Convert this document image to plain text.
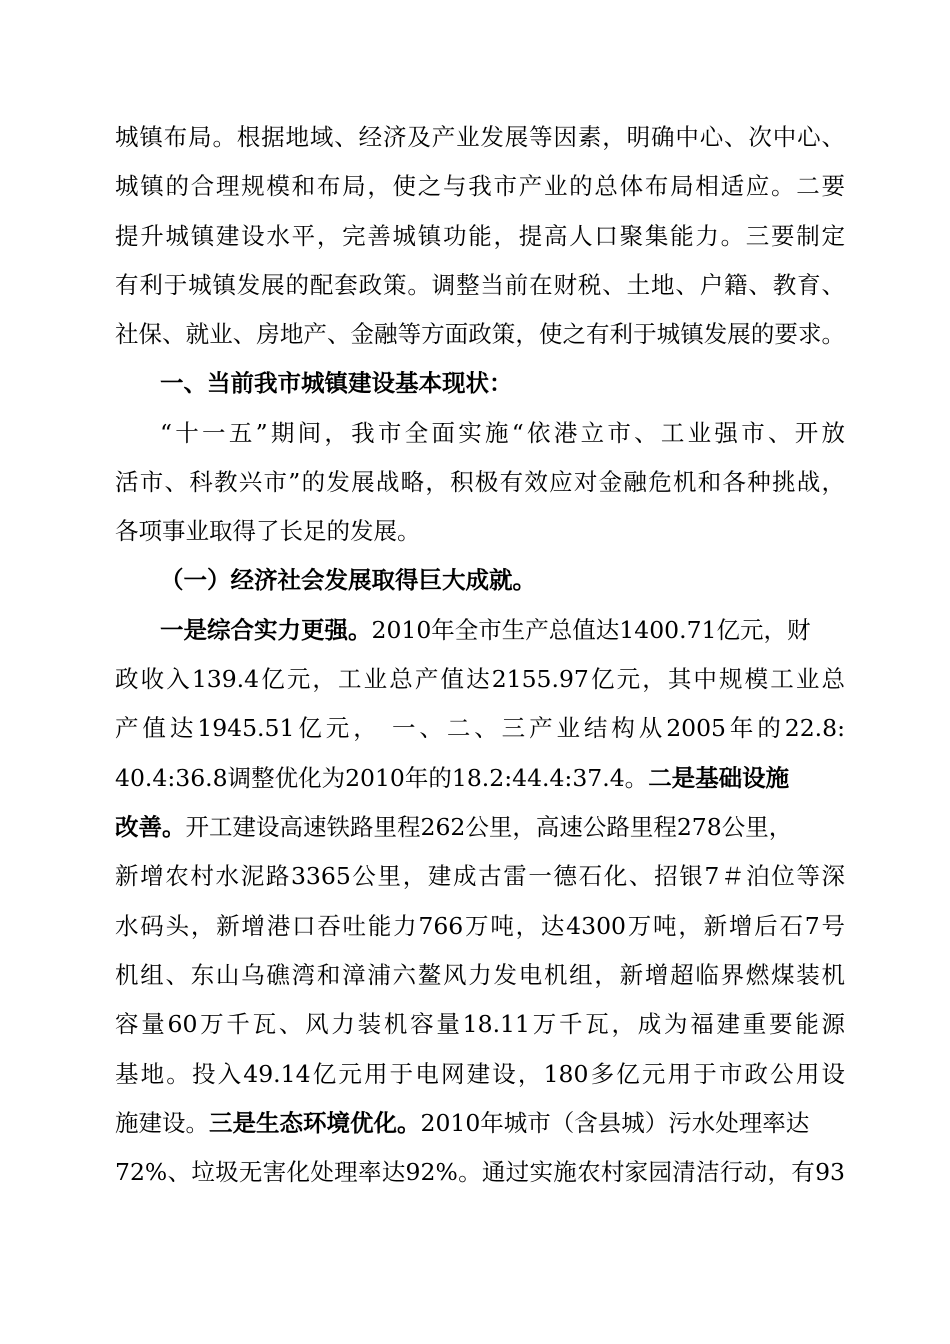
城镇布局。根据地域、经济及产业发展等因素，明确中心、次中心、
城镇的合理规模和布局，使之与我市产业的总体布局相适应。二要
提升城镇建设水平，完善城镇功能，提高人口聚集能力。三要制定
有利于城镇发展的配套政策。调整当前在财税、土地、户籍、教育、
社保、就业、房地产、金融等方面政策，使之有利于城镇发展的要求。
一、当前我市城镇建设基本现状：
“十一五”期间，我市全面实施“依港立市、工业强市、开放
活市、科教兴市”的发展战略，积极有效应对金融危机和各种挑战，
各项事业取得了长足的发展。
（一）经济社会发展取得巨大成就。
一是综合实力更强。2010年全市生产总值达1400.71亿元，财
政收入139.4亿元，工业总产值达2155.97亿元，其中规模工业总
产值达1945.51亿元， 一、二、三产业结构从2005年的22.8:
40.4:36.8调整优化为2010年的18.2:44.4:37.4。二是基础设施
改善。开工建设高速铁路里程262公里，高速公路里程278公里，
新增农村水泥路3365公里，建成古雷一德石化、招银7＃泊位等深
水码头，新增港口吞吐能力766万吨，达4300万吨，新增后石7号
机组、东山乌礁湾和漳浦六鳌风力发电机组，新增超临界燃煤装机
容量60万千瓦、风力装机容量18.11万千瓦，成为福建重要能源
基地。投入49.14亿元用于电网建设，180多亿元用于市政公用设
施建设。三是生态环境优化。2010年城市（含县城）污水处理率达
72%、垃圾无害化处理率达92%。通过实施农村家园清洁行动，有93
